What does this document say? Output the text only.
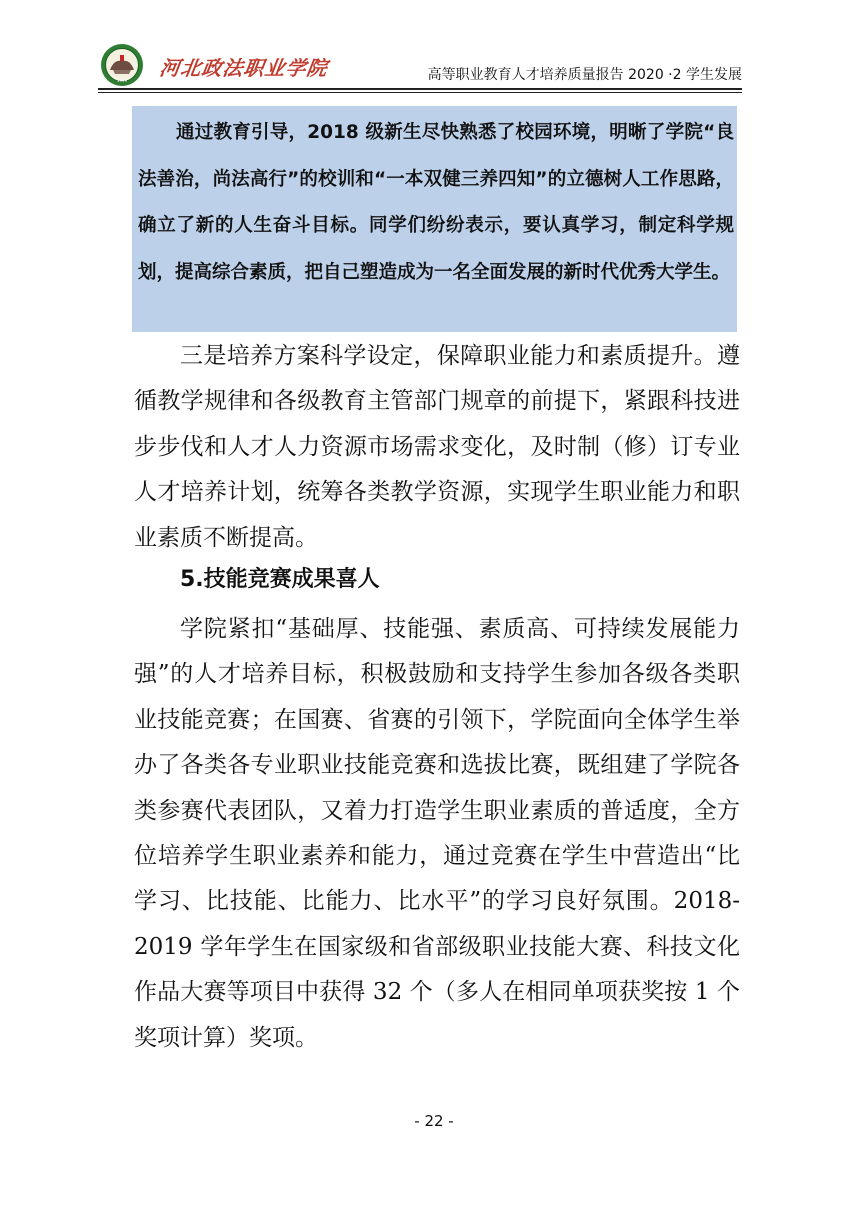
1949
河北政法职业学院	高等职业教育人才培养质量报告 2020 ·2 学生发展

通过教育引导，2018 级新生尽快熟悉了校园环境，明晰了学院“良法善治，尚法高行”的校训和“一本双健三养四知”的立德树人工作思路，确立了新的人生奋斗目标。同学们纷纷表示，要认真学习，制定科学规划，提高综合素质，把自己塑造成为一名全面发展的新时代优秀大学生。

三是培养方案科学设定，保障职业能力和素质提升。遵循教学规律和各级教育主管部门规章的前提下，紧跟科技进步步伐和人才人力资源市场需求变化，及时制（修）订专业人才培养计划，统筹各类教学资源，实现学生职业能力和职业素质不断提高。

5.技能竞赛成果喜人

学院紧扣“基础厚、技能强、素质高、可持续发展能力强”的人才培养目标，积极鼓励和支持学生参加各级各类职业技能竞赛；在国赛、省赛的引领下，学院面向全体学生举办了各类各专业职业技能竞赛和选拔比赛，既组建了学院各类参赛代表团队，又着力打造学生职业素质的普适度，全方位培养学生职业素养和能力，通过竞赛在学生中营造出“比学习、比技能、比能力、比水平”的学习良好氛围。2018-2019 学年学生在国家级和省部级职业技能大赛、科技文化作品大赛等项目中获得 32 个（多人在相同单项获奖按 1 个奖项计算）奖项。

- 22 -
